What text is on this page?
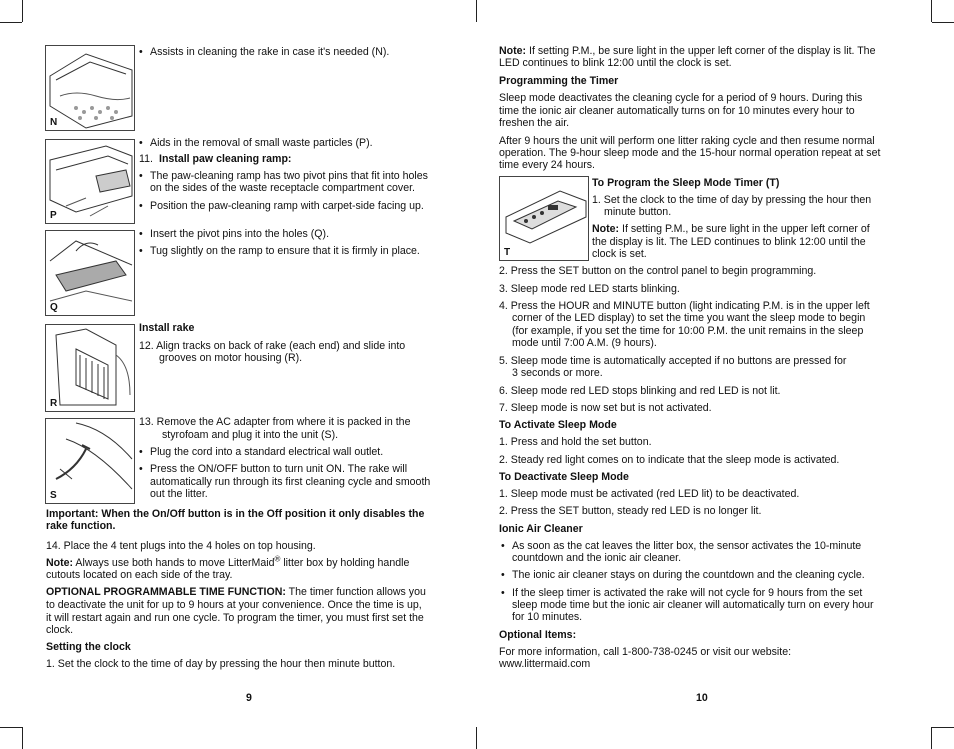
N
P
Q
R
S
T
• Assists in cleaning the rake in case it's needed (N).
• Aids in the removal of small waste particles (P).
11. Install paw cleaning ramp:
• The paw-cleaning ramp has two pivot pins that fit into holes
on the sides of the waste receptacle compartment cover.
• Position the paw-cleaning ramp with carpet-side facing up.
• Insert the pivot pins into the holes (Q).
• Tug slightly on the ramp to ensure that it is firmly in place.
Install rake
12. Align tracks on back of rake (each end) and slide into
grooves on motor housing (R).
13. Remove the AC adapter from where it is packed in the
styrofoam and plug it into the unit (S).
• Plug the cord into a standard electrical wall outlet.
• Press the ON/OFF button to turn unit ON. The rake will
automatically run through its first cleaning cycle and smooth
out the litter.
Important: When the On/Off button is in the Off position it only disables the
rake function.
14. Place the 4 tent plugs into the 4 holes on top housing.
Note: Always use both hands to move LitterMaid® litter box by holding handle
cutouts located on each side of the tray.
OPTIONAL PROGRAMMABLE TIME FUNCTION: The timer function allows you
to deactivate the unit for up to 9 hours at your convenience. Once the time is up,
it will restart again and run one cycle. To program the timer, you must first set the
clock.
Setting the clock
1. Set the clock to the time of day by pressing the hour then minute button.
9
Note: If setting P.M., be sure light in the upper left corner of the display is lit. The
LED continues to blink 12:00 until the clock is set.
Programming the Timer
Sleep mode deactivates the cleaning cycle for a period of 9 hours. During this
time the ionic air cleaner automatically turns on for 10 minutes every hour to
freshen the air.
After 9 hours the unit will perform one litter raking cycle and then resume normal
operation. The 9-hour sleep mode and the 15-hour normal operation repeat at set
time every 24 hours.
To Program the Sleep Mode Timer (T)
1. Set the clock to the time of day by pressing the hour then
minute button.
Note: If setting P.M., be sure light in the upper left corner of
the display is lit. The LED continues to blink 12:00 until the
clock is set.
2. Press the SET button on the control panel to begin programming.
3. Sleep mode red LED starts blinking.
4. Press the HOUR and MINUTE button (light indicating P.M. is in the upper left
corner of the LED display) to set the time you want the sleep mode to begin
(for example, if you set the time for 10:00 P.M. the unit remains in the sleep
mode until 7:00 A.M. (9 hours).
5. Sleep mode time is automatically accepted if no buttons are pressed for
3 seconds or more.
6. Sleep mode red LED stops blinking and red LED is not lit.
7. Sleep mode is now set but is not activated.
To Activate Sleep Mode
1. Press and hold the set button.
2. Steady red light comes on to indicate that the sleep mode is activated.
To Deactivate Sleep Mode
1. Sleep mode must be activated (red LED lit) to be deactivated.
2. Press the SET button, steady red LED is no longer lit.
Ionic Air Cleaner
• As soon as the cat leaves the litter box, the sensor activates the 10-minute
countdown and the ionic air cleaner.
• The ionic air cleaner stays on during the countdown and the cleaning cycle.
• If the sleep timer is activated the rake will not cycle for 9 hours from the set
sleep mode time but the ionic air cleaner will automatically turn on every hour
for 10 minutes.
Optional Items:
For more information, call 1-800-738-0245 or visit our website:
www.littermaid.com
10
